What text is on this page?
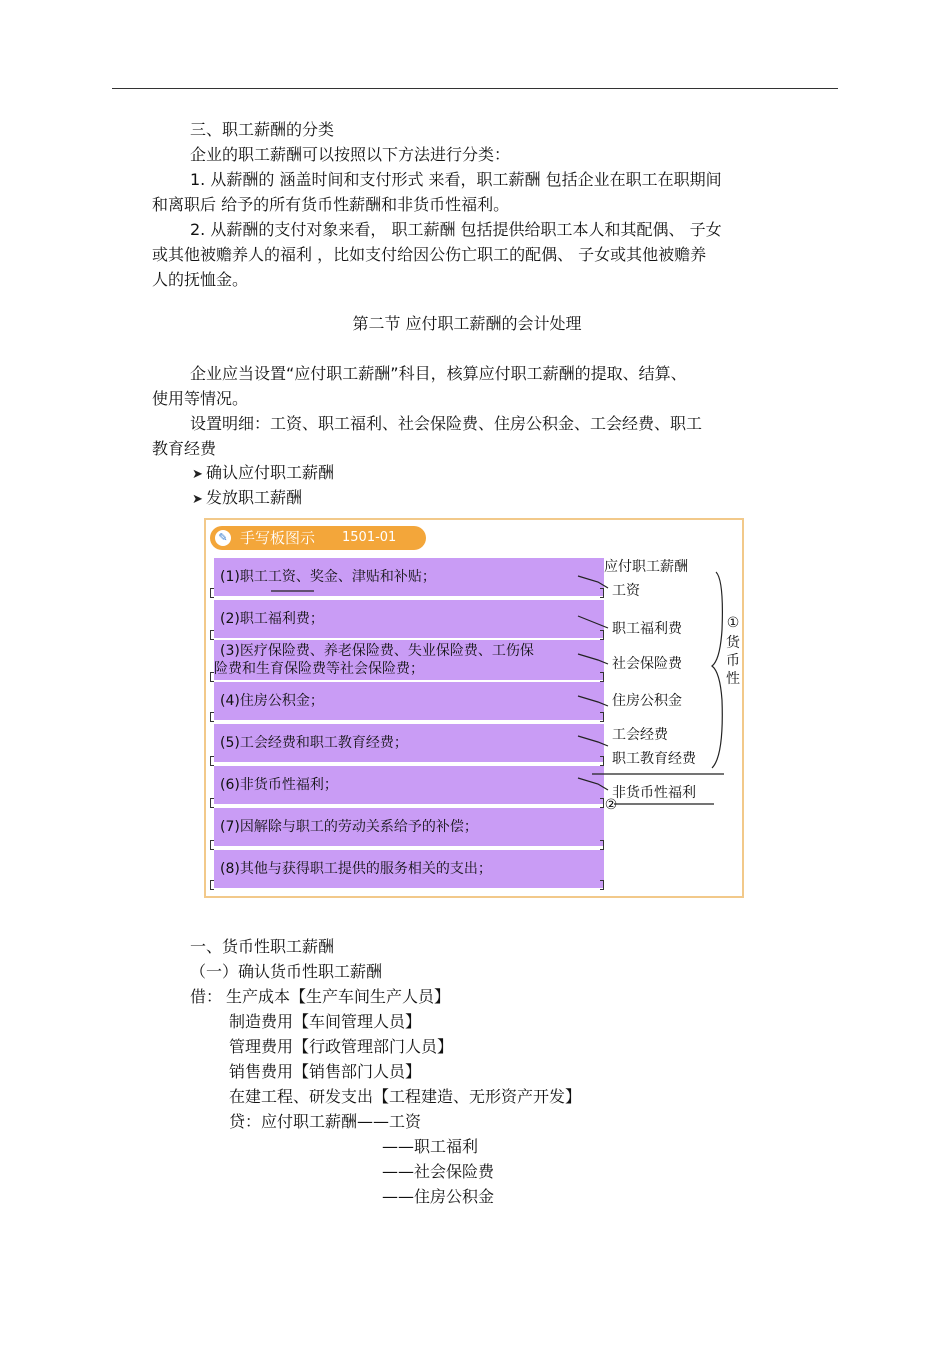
三、职工薪酬的分类
企业的职工薪酬可以按照以下方法进行分类：
1. 从薪酬的 涵盖时间和支付形式 来看，职工薪酬 包括企业在职工在职期间
和离职后 给予的所有货币性薪酬和非货币性福利。
2. 从薪酬的支付对象来看， 职工薪酬 包括提供给职工本人和其配偶、 子女
或其他被赡养人的福利 ，比如支付给因公伤亡职工的配偶、 子女或其他被赡养
人的抚恤金。
第二节 应付职工薪酬的会计处理
企业应当设置“应付职工薪酬”科目，核算应付职工薪酬的提取、结算、
使用等情况。
设置明细：工资、职工福利、社会保险费、住房公积金、工会经费、职工
教育经费
➤ 确认应付职工薪酬
➤ 发放职工薪酬
✎ 手写板图示 1501-01
(1)职工工资、奖金、津贴和补贴；
(2)职工福利费；
(3)医疗保险费、养老保险费、失业保险费、工伤保
险费和生育保险费等社会保险费；
(4)住房公积金；
(5)工会经费和职工教育经费；
(6)非货币性福利；
(7)因解除与职工的劳动关系给予的补偿；
(8)其他与获得职工提供的服务相关的支出；
应付职工薪酬
工资
职工福利费
社会保险费
住房公积金
工会经费
职工教育经费
非货币性福利
①
货
币
性
②
一、货币性职工薪酬
（一）确认货币性职工薪酬
借： 生产成本【生产车间生产人员】
制造费用【车间管理人员】
管理费用【行政管理部门人员】
销售费用【销售部门人员】
在建工程、研发支出【工程建造、无形资产开发】
贷：应付职工薪酬——工资
——职工福利
——社会保险费
——住房公积金
